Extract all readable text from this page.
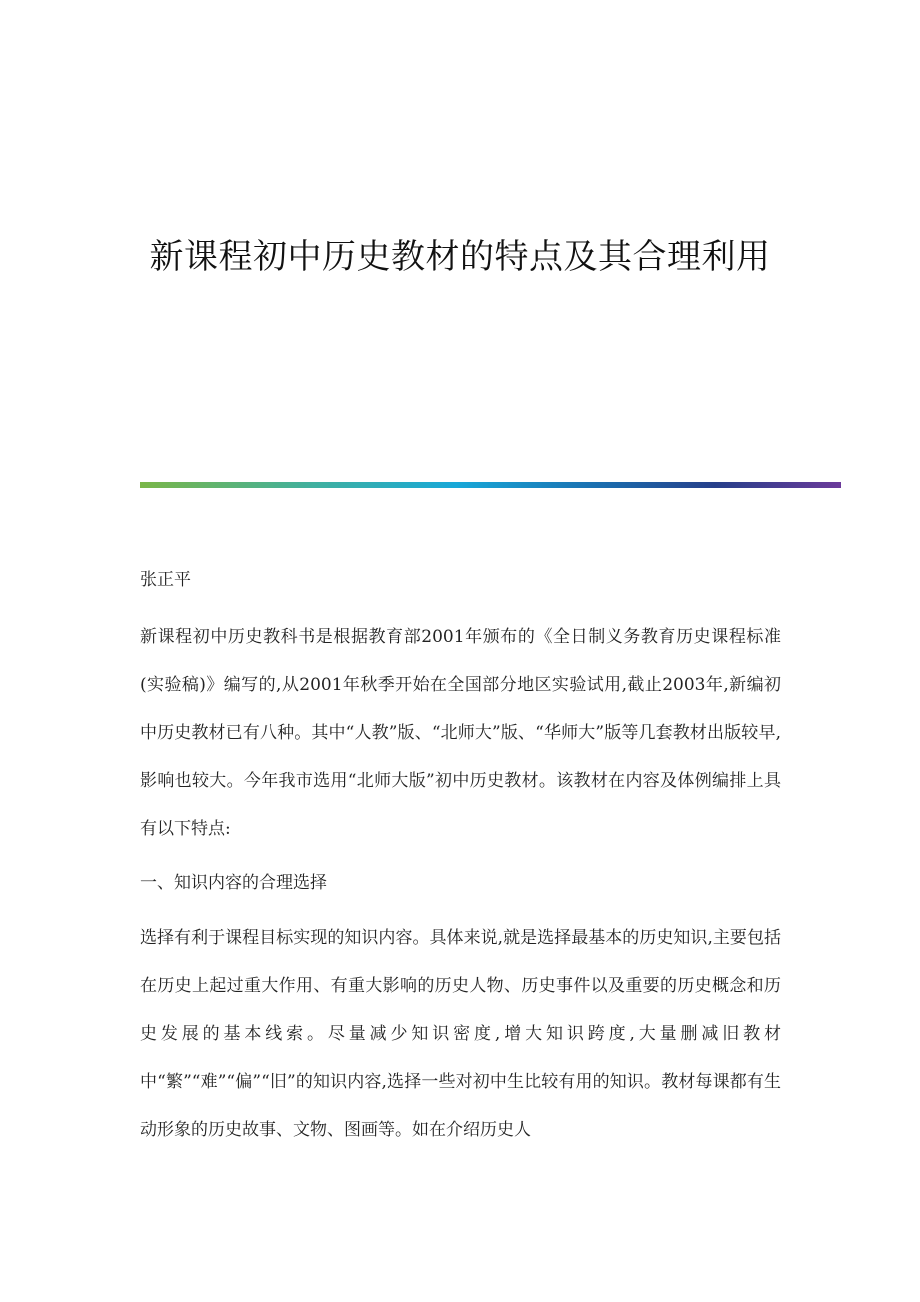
新课程初中历史教材的特点及其合理利用

张正平

新课程初中历史教科书是根据教育部2001年颁布的《全日制义务教育历史课程标准(实验稿)》编写的,从2001年秋季开始在全国部分地区实验试用,截止2003年,新编初中历史教材已有八种。其中“人教”版、“北师大”版、“华师大”版等几套教材出版较早,影响也较大。今年我市选用“北师大版”初中历史教材。该教材在内容及体例编排上具有以下特点:

一、知识内容的合理选择

选择有利于课程目标实现的知识内容。具体来说,就是选择最基本的历史知识,主要包括在历史上起过重大作用、有重大影响的历史人物、历史事件以及重要的历史概念和历史发展的基本线索。尽量减少知识密度,增大知识跨度,大量删减旧教材中“繁”“难”“偏”“旧”的知识内容,选择一些对初中生比较有用的知识。教材每课都有生动形象的历史故事、文物、图画等。如在介绍历史人
